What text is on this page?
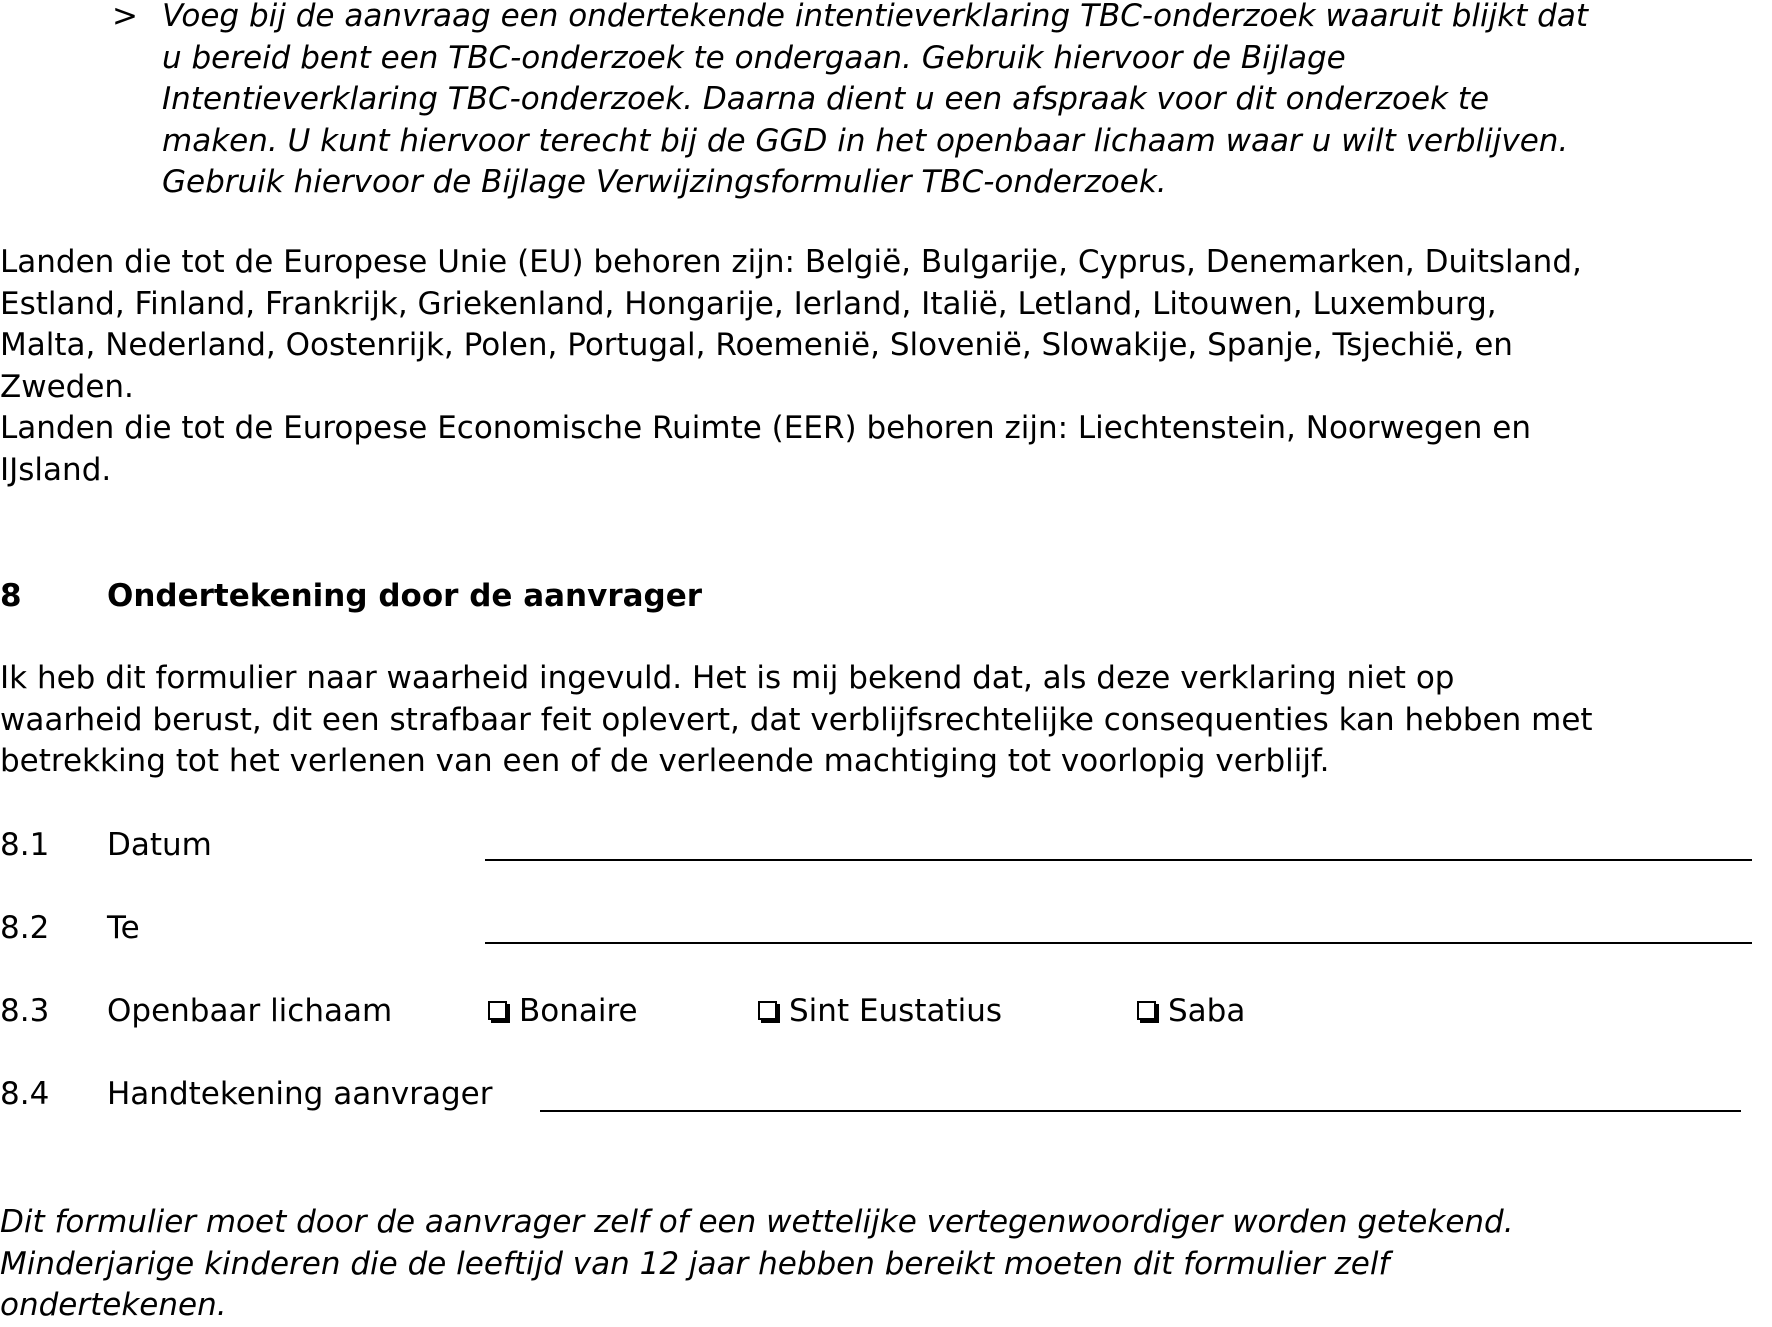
> Voeg bij de aanvraag een ondertekende intentieverklaring TBC-onderzoek waaruit blijkt dat
u bereid bent een TBC-onderzoek te ondergaan. Gebruik hiervoor de Bijlage
Intentieverklaring TBC-onderzoek. Daarna dient u een afspraak voor dit onderzoek te
maken. U kunt hiervoor terecht bij de GGD in het openbaar lichaam waar u wilt verblijven.
Gebruik hiervoor de Bijlage Verwijzingsformulier TBC-onderzoek.
Landen die tot de Europese Unie (EU) behoren zijn: België, Bulgarije, Cyprus, Denemarken, Duitsland,
Estland, Finland, Frankrijk, Griekenland, Hongarije, Ierland, Italië, Letland, Litouwen, Luxemburg,
Malta, Nederland, Oostenrijk, Polen, Portugal, Roemenië, Slovenië, Slowakije, Spanje, Tsjechië, en
Zweden.
Landen die tot de Europese Economische Ruimte (EER) behoren zijn: Liechtenstein, Noorwegen en
IJsland.
8	Ondertekening door de aanvrager
Ik heb dit formulier naar waarheid ingevuld. Het is mij bekend dat, als deze verklaring niet op
waarheid berust, dit een strafbaar feit oplevert, dat verblijfsrechtelijke consequenties kan hebben met
betrekking tot het verlenen van een of de verleende machtiging tot voorlopig verblijf.
8.1 Datum
8.2 Te
8.3 Openbaar lichaam	Bonaire	Sint Eustatius	Saba
8.4 Handtekening aanvrager
Dit formulier moet door de aanvrager zelf of een wettelijke vertegenwoordiger worden getekend.
Minderjarige kinderen die de leeftijd van 12 jaar hebben bereikt moeten dit formulier zelf
ondertekenen.
